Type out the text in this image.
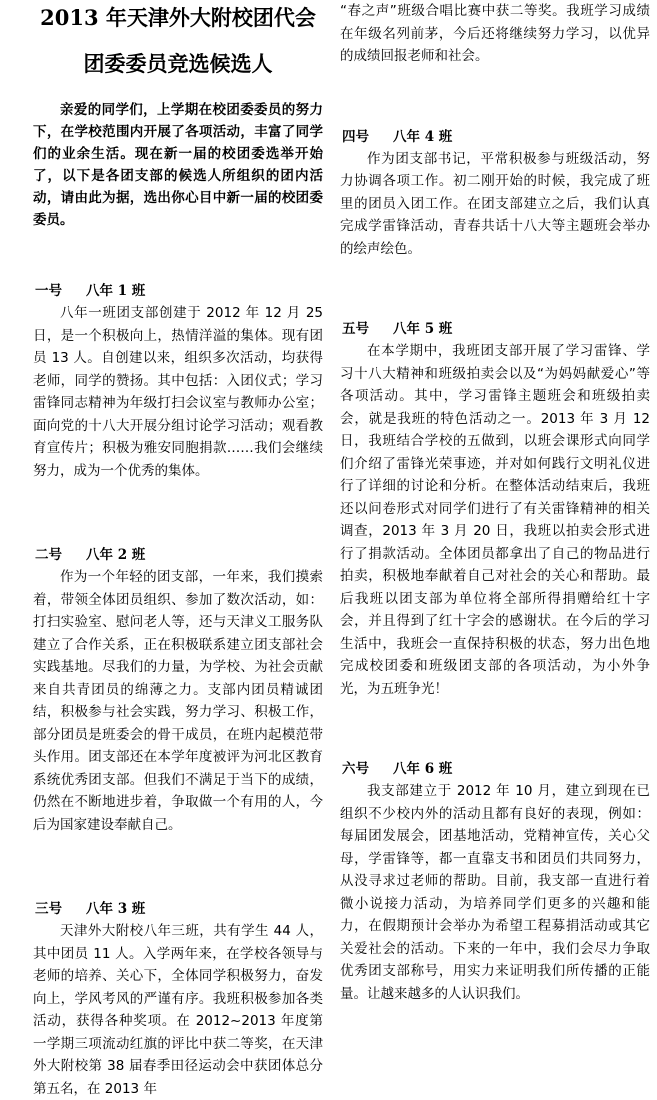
2013 年天津外大附校团代会
团委委员竞选候选人

亲爱的同学们，上学期在校团委委员的努力下，在学校范围内开展了各项活动，丰富了同学们的业余生活。现在新一届的校团委选举开始了，以下是各团支部的候选人所组织的团内活动，请由此为据，选出你心目中新一届的校团委委员。

一号 八年 1 班

八年一班团支部创建于 2012 年 12 月 25 日，是一个积极向上，热情洋溢的集体。现有团员 13 人。自创建以来，组织多次活动，均获得老师，同学的赞扬。其中包括：入团仪式；学习雷锋同志精神为年级打扫会议室与教师办公室；面向党的十八大开展分组讨论学习活动；观看教育宣传片；积极为雅安同胞捐款……我们会继续努力，成为一个优秀的集体。

二号 八年 2 班

作为一个年轻的团支部，一年来，我们摸索着，带领全体团员组织、参加了数次活动，如：打扫实验室、慰问老人等，还与天津义工服务队建立了合作关系，正在积极联系建立团支部社会实践基地。尽我们的力量，为学校、为社会贡献来自共青团员的绵薄之力。支部内团员精诚团结，积极参与社会实践，努力学习、积极工作，部分团员是班委会的骨干成员，在班内起模范带头作用。团支部还在本学年度被评为河北区教育系统优秀团支部。但我们不满足于当下的成绩，仍然在不断地进步着，争取做一个有用的人，今后为国家建设奉献自己。

三号 八年 3 班

天津外大附校八年三班，共有学生 44 人，其中团员 11 人。入学两年来，在学校各领导与老师的培养、关心下，全体同学积极努力，奋发向上，学风考风的严谨有序。我班积极参加各类活动，获得各种奖项。在 2012~2013 年度第一学期三项流动红旗的评比中获二等奖，在天津外大附校第 38 届春季田径运动会中获团体总分第五名，在 2013 年

“春之声”班级合唱比赛中获二等奖。我班学习成绩在年级名列前茅，今后还将继续努力学习，以优异的成绩回报老师和社会。

四号 八年 4 班

作为团支部书记，平常积极参与班级活动，努力协调各项工作。初二刚开始的时候，我完成了班里的团员入团工作。在团支部建立之后，我们认真完成学雷锋活动，青春共话十八大等主题班会举办的绘声绘色。

五号 八年 5 班

在本学期中，我班团支部开展了学习雷锋、学习十八大精神和班级拍卖会以及“为妈妈献爱心”等各项活动。其中，学习雷锋主题班会和班级拍卖会，就是我班的特色活动之一。2013 年 3 月 12 日，我班结合学校的五做到，以班会课形式向同学们介绍了雷锋光荣事迹，并对如何践行文明礼仪进行了详细的讨论和分析。在整体活动结束后，我班还以问卷形式对同学们进行了有关雷锋精神的相关调查，2013 年 3 月 20 日，我班以拍卖会形式进行了捐款活动。全体团员都拿出了自己的物品进行拍卖，积极地奉献着自己对社会的关心和帮助。最后我班以团支部为单位将全部所得捐赠给红十字会，并且得到了红十字会的感谢状。在今后的学习生活中，我班会一直保持积极的状态，努力出色地完成校团委和班级团支部的各项活动，为小外争光，为五班争光！

六号 八年 6 班

我支部建立于 2012 年 10 月，建立到现在已组织不少校内外的活动且都有良好的表现，例如：每届团发展会，团基地活动，党精神宣传，关心父母，学雷锋等，都一直靠支书和团员们共同努力，从没寻求过老师的帮助。目前，我支部一直进行着微小说接力活动，为培养同学们更多的兴趣和能力，在假期预计会举办为希望工程募捐活动或其它关爱社会的活动。下来的一年中，我们会尽力争取优秀团支部称号，用实力来证明我们所传播的正能量。让越来越多的人认识我们。
